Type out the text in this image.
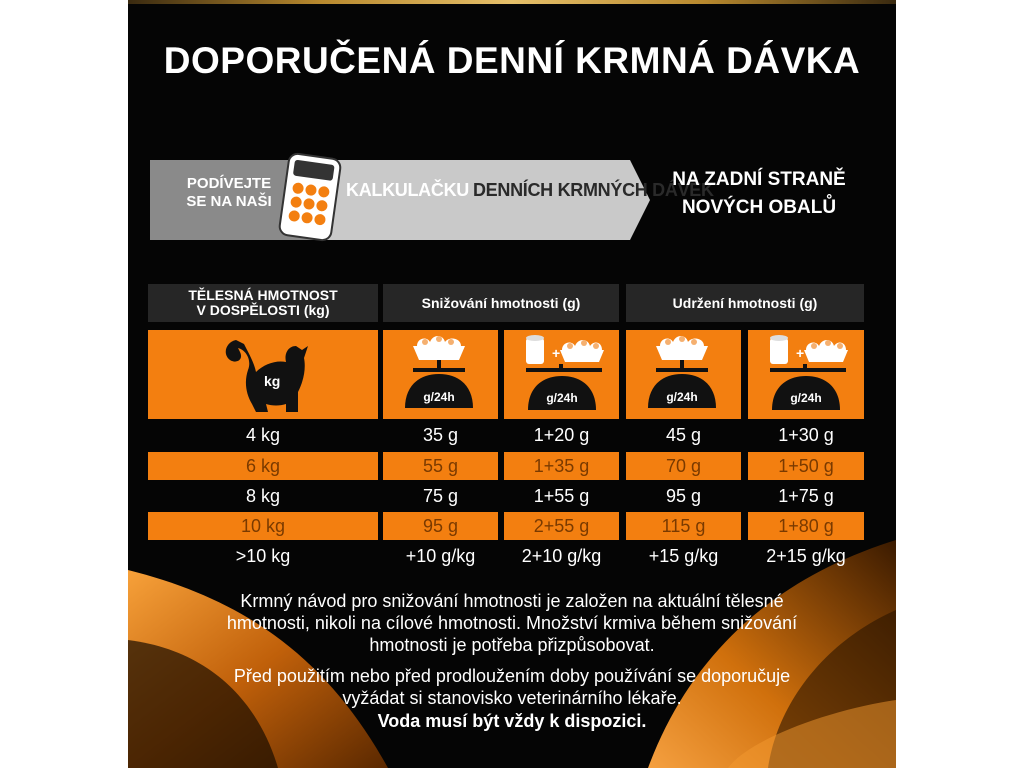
DOPORUČENÁ DENNÍ KRMNÁ DÁVKA
PODÍVEJTE
SE NA NAŠI
KALKULAČKU DENNÍCH KRMNÝCH DÁVEK
NA ZADNÍ STRANĚ
NOVÝCH OBALŮ
TĚLESNÁ HMOTNOST
V DOSPĚLOSTI (kg)	Snižování hmotnosti (g)	Udržení hmotnosti (g)
kg
g/24h
+
g/24h	g/24h
+
g/24h
4 kg	35 g	1+20 g	45 g	1+30 g
6 kg	55 g	1+35 g	70 g	1+50 g
8 kg	75 g	1+55 g	95 g	1+75 g
10 kg	95 g	2+55 g	115 g	1+80 g
>10 kg	+10 g/kg	2+10 g/kg	+15 g/kg	2+15 g/kg
Krmný návod pro snižování hmotnosti je založen na aktuální tělesné
hmotnosti, nikoli na cílové hmotnosti. Množství krmiva během snižování
hmotnosti je potřeba přizpůsobovat.
Před použitím nebo před prodloužením doby používání se doporučuje
vyžádat si stanovisko veterinárního lékaře.
Voda musí být vždy k dispozici.
